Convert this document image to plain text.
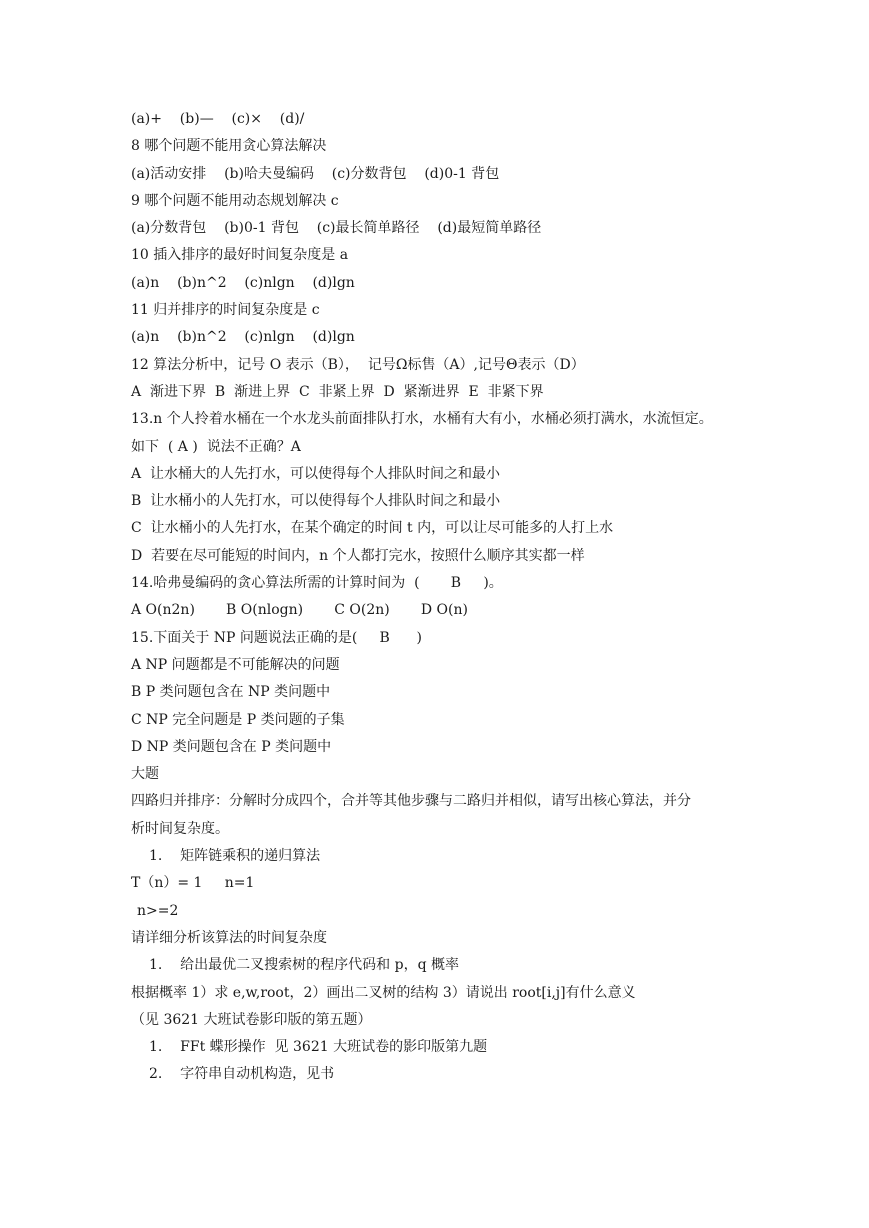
(a)+    (b)—    (c)×    (d)/
8 哪个问题不能用贪心算法解决
(a)活动安排    (b)哈夫曼编码    (c)分数背包    (d)0-1 背包
9 哪个问题不能用动态规划解决 c
(a)分数背包    (b)0-1 背包    (c)最长简单路径    (d)最短简单路径
10 插入排序的最好时间复杂度是 a
(a)n    (b)n^2    (c)nlgn    (d)lgn
11 归并排序的时间复杂度是 c
(a)n    (b)n^2    (c)nlgn    (d)lgn
12 算法分析中，记号 O 表示（B），  记号Ω标售（A）,记号Θ表示（D）
A  渐进下界  B  渐进上界  C  非紧上界  D  紧渐进界  E  非紧下界
13.n 个人拎着水桶在一个水龙头前面排队打水，水桶有大有小，水桶必须打满水，水流恒定。
如下  ( A )  说法不正确？A
A  让水桶大的人先打水，可以使得每个人排队时间之和最小
B  让水桶小的人先打水，可以使得每个人排队时间之和最小
C  让水桶小的人先打水，在某个确定的时间 t 内，可以让尽可能多的人打上水
D  若要在尽可能短的时间内，n 个人都打完水，按照什么顺序其实都一样
14.哈弗曼编码的贪心算法所需的计算时间为  (       B     )。
A O(n2n)       B O(nlogn)       C O(2n)       D O(n)
15.下面关于 NP 问题说法正确的是(     B      )
A NP 问题都是不可能解决的问题
B P 类问题包含在 NP 类问题中
C NP 完全问题是 P 类问题的子集
D NP 类问题包含在 P 类问题中
大题
四路归并排序：分解时分成四个，合并等其他步骤与二路归并相似，请写出核心算法，并分
析时间复杂度。
1.    矩阵链乘积的递归算法
T（n）= 1     n=1
n>=2
请详细分析该算法的时间复杂度
1.    给出最优二叉搜索树的程序代码和 p，q 概率
根据概率 1）求 e,w,root，2）画出二叉树的结构 3）请说出 root[i,j]有什么意义
（见 3621 大班试卷影印版的第五题）
1.    FFt 蝶形操作  见 3621 大班试卷的影印版第九题
2.    字符串自动机构造，见书
